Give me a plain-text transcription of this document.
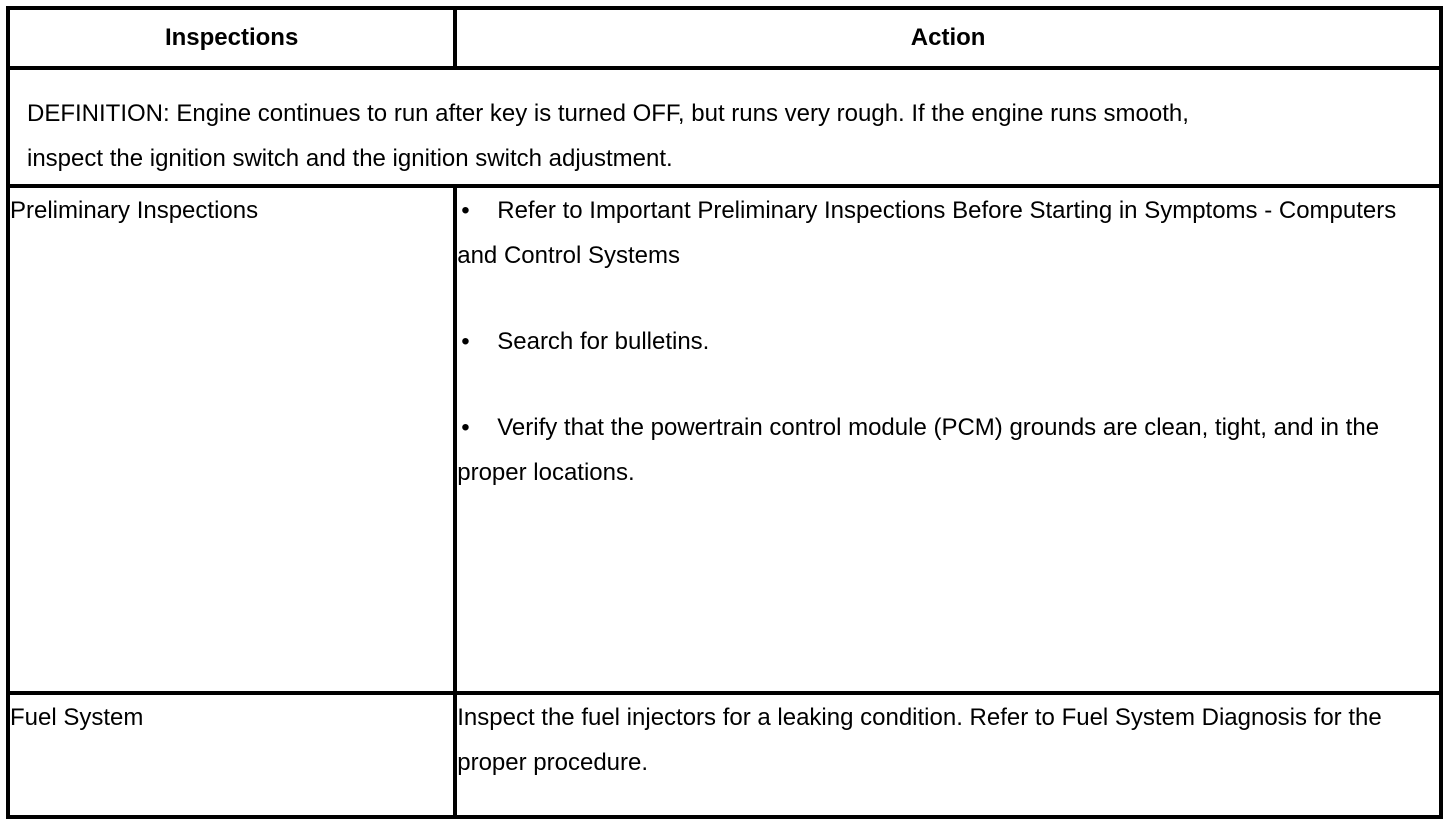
Inspections	Action

DEFINITION: Engine continues to run after key is turned OFF, but runs very rough. If the engine runs smooth, inspect the ignition switch and the ignition switch adjustment.	

Preliminary Inspections	• Refer to Important Preliminary Inspections Before Starting in Symptoms - Computers and Control Systems

• Search for bulletins.

• Verify that the powertrain control module (PCM) grounds are clean, tight, and in the proper locations.

Fuel System	Inspect the fuel injectors for a leaking condition. Refer to Fuel System Diagnosis for the proper procedure.
